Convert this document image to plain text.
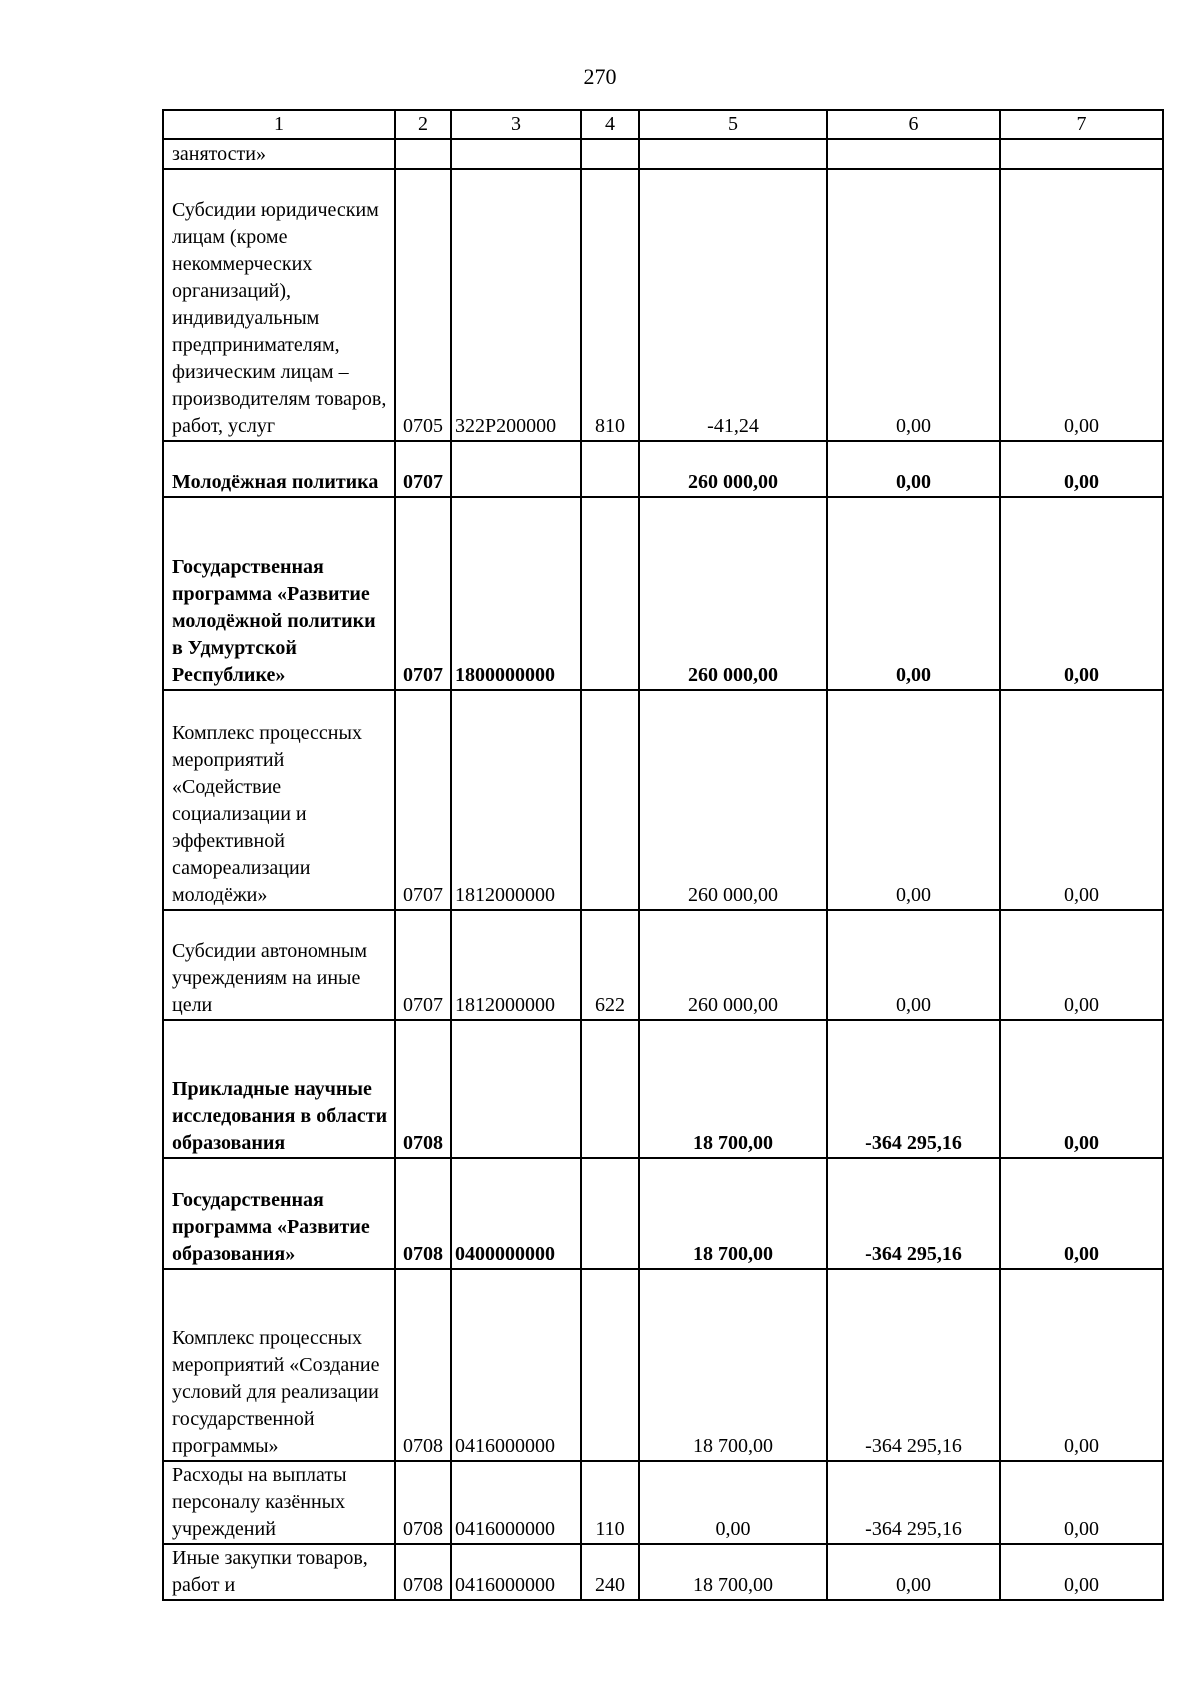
270
1	2	3	4	5	6	7
занятости»						
Субсидии юридическим лицам (кроме некоммерческих организаций), индивидуальным предпринимателям, физическим лицам – производителям товаров, работ, услуг	0705	322P200000	810	-41,24	0,00	0,00
Молодёжная политика	0707			260 000,00	0,00	0,00
Государственная программа «Развитие молодёжной политики в Удмуртской Республике»	0707	1800000000		260 000,00	0,00	0,00
Комплекс процессных мероприятий «Содействие социализации и эффективной самореализации молодёжи»	0707	1812000000		260 000,00	0,00	0,00
Субсидии автономным учреждениям на иные цели	0707	1812000000	622	260 000,00	0,00	0,00
Прикладные научные исследования в области образования	0708			18 700,00	-364 295,16	0,00
Государственная программа «Развитие образования»	0708	0400000000		18 700,00	-364 295,16	0,00
Комплекс процессных мероприятий «Создание условий для реализации государственной программы»	0708	0416000000		18 700,00	-364 295,16	0,00
Расходы на выплаты персоналу казённых учреждений	0708	0416000000	110	0,00	-364 295,16	0,00
Иные закупки товаров, работ и	0708	0416000000	240	18 700,00	0,00	0,00
